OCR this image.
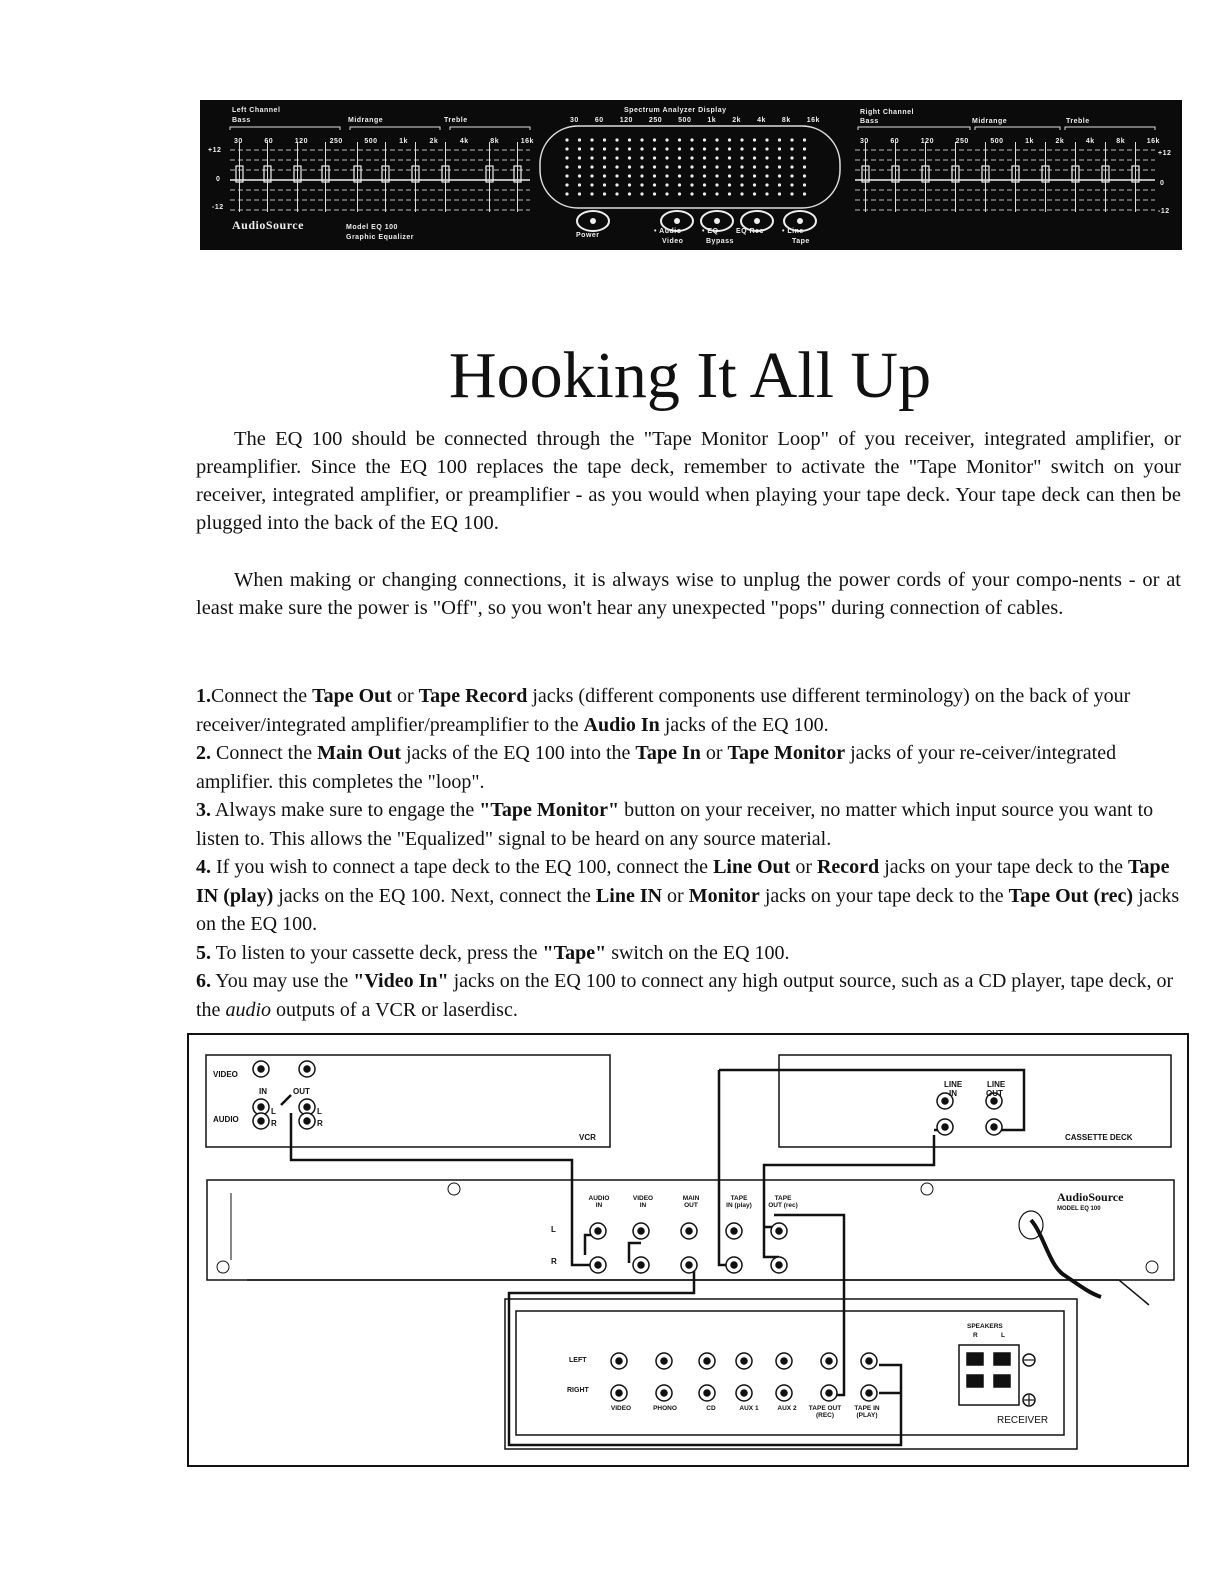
Left Channel
Bass	Midrange	Treble
30	60	120	250	500	1k	2k	4k	8k	16k
+12
0
-12
AudioSource	Model EQ 100
Graphic Equalizer
Spectrum Analyzer Display
30 60 120 250 500 1k 2k 4k 8k 16k
Power
• Audio	• EQ EQ Rec	• Line
Video	Bypass	Tape
Right Channel
Bass	Midrange	Treble
30	60	120	250	500	1k	2k	4k	8k	16k
+12
0
-12
Hooking It All Up

The EQ 100 should be connected through the "Tape Monitor Loop" of you receiver, integrated amplifier, or preamplifier. Since the EQ 100 replaces the tape deck, remember to activate the "Tape Monitor" switch on your receiver, integrated amplifier, or preamplifier - as you would when playing your tape deck. Your tape deck can then be plugged into the back of the EQ 100.

When making or changing connections, it is always wise to unplug the power cords of your compo-nents - or at least make sure the power is "Off", so you won't hear any unexpected "pops" during connection of cables.

1.Connect the Tape Out or Tape Record jacks (different components use different terminology) on the back of your receiver/integrated amplifier/preamplifier to the Audio In jacks of the EQ 100.
2. Connect the Main Out jacks of the EQ 100 into the Tape In or Tape Monitor jacks of your re-ceiver/integrated amplifier. this completes the "loop".
3. Always make sure to engage the "Tape Monitor" button on your receiver, no matter which input source you want to listen to. This allows the "Equalized" signal to be heard on any source material.
4. If you wish to connect a tape deck to the EQ 100, connect the Line Out or Record jacks on your tape deck to the Tape IN (play) jacks on the EQ 100. Next, connect the Line IN or Monitor jacks on your tape deck to the Tape Out (rec) jacks on the EQ 100.
5. To listen to your cassette deck, press the "Tape" switch on the EQ 100.
6. You may use the "Video In" jacks on the EQ 100 to connect any high output source, such as a CD player, tape deck, or the audio outputs of a VCR or laserdisc.
VIDEO
IN	OUT
AUDIO
L
R
L
R
VCR
LINE
IN
LINE
OUT
CASSETTE DECK
AudioSource
MODEL EQ 100
AUDIO
IN
VIDEO
IN
MAIN
OUT
TAPE
IN (play)
TAPE
OUT (rec)
L
R
LEFT
RIGHT
VIDEO	PHONO	CD	AUX 1	AUX 2	TAPE OUT
(REC)
TAPE IN
(PLAY)
SPEAKERS
R	L
RECEIVER
